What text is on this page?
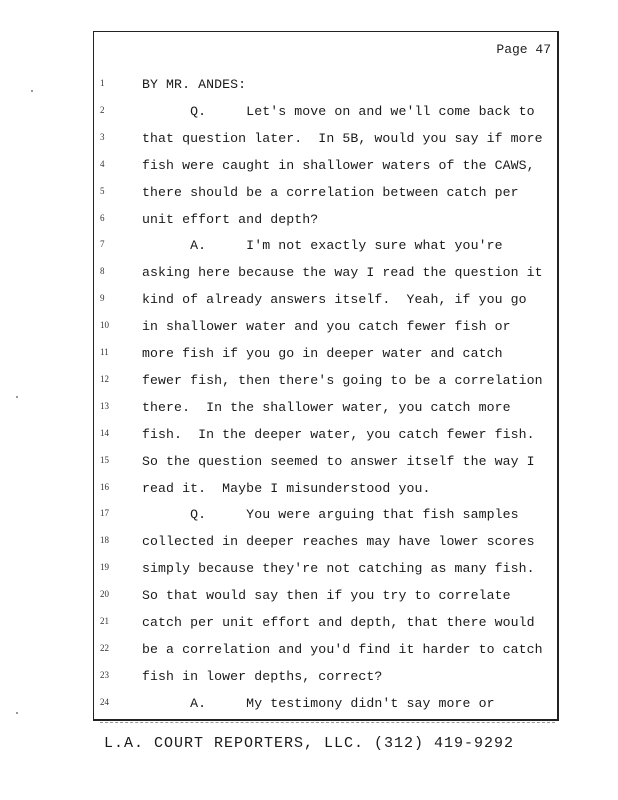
Page 47
1	BY MR. ANDES:
2	Q.     Let's move on and we'll come back to
3	that question later.  In 5B, would you say if more
4	fish were caught in shallower waters of the CAWS,
5	there should be a correlation between catch per
6	unit effort and depth?
7	A.     I'm not exactly sure what you're
8	asking here because the way I read the question it
9	kind of already answers itself.  Yeah, if you go
10	in shallower water and you catch fewer fish or
11	more fish if you go in deeper water and catch
12	fewer fish, then there's going to be a correlation
13	there.  In the shallower water, you catch more
14	fish.  In the deeper water, you catch fewer fish.
15	So the question seemed to answer itself the way I
16	read it.  Maybe I misunderstood you.
17	Q.     You were arguing that fish samples
18	collected in deeper reaches may have lower scores
19	simply because they're not catching as many fish.
20	So that would say then if you try to correlate
21	catch per unit effort and depth, that there would
22	be a correlation and you'd find it harder to catch
23	fish in lower depths, correct?
24	A.     My testimony didn't say more or
L.A. COURT REPORTERS, LLC. (312) 419-9292
